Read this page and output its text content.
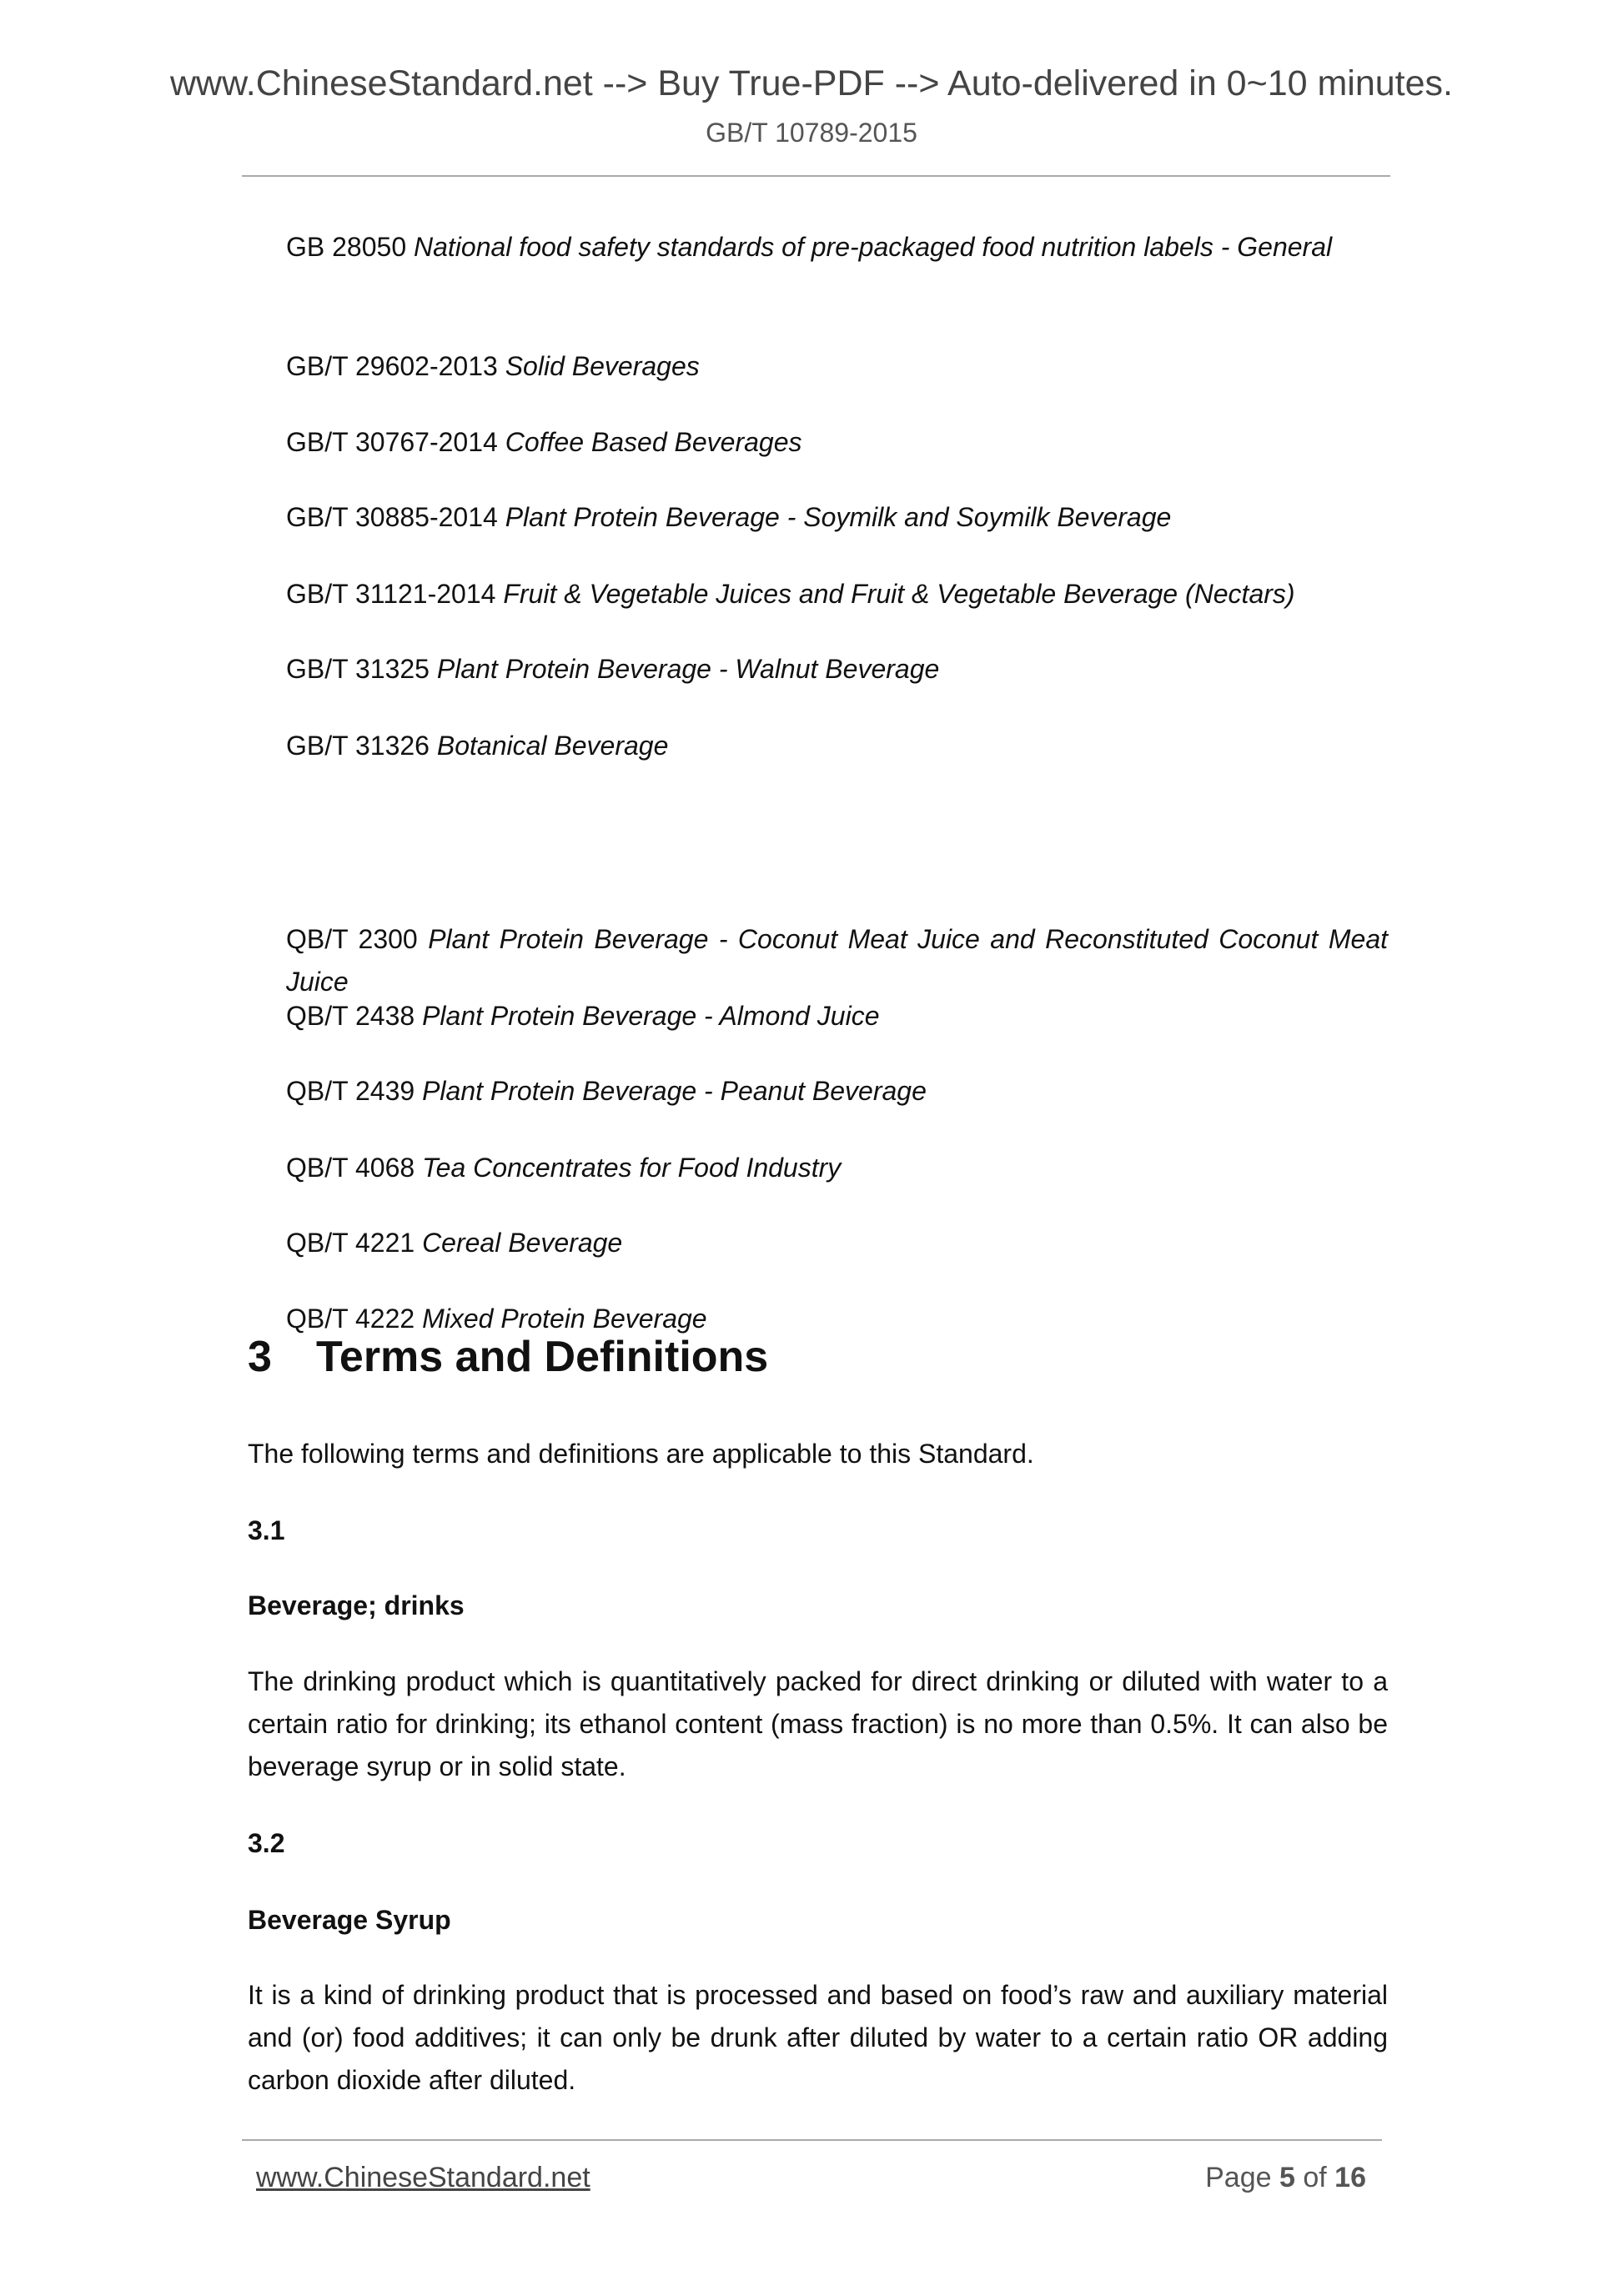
www.ChineseStandard.net --> Buy True-PDF --> Auto-delivered in 0~10 minutes.
GB/T 10789-2015
GB 28050 National food safety standards of pre-packaged food nutrition labels - General
GB/T 29602-2013 Solid Beverages
GB/T 30767-2014 Coffee Based Beverages
GB/T 30885-2014 Plant Protein Beverage - Soymilk and Soymilk Beverage
GB/T 31121-2014 Fruit & Vegetable Juices and Fruit & Vegetable Beverage (Nectars)
GB/T 31325 Plant Protein Beverage - Walnut Beverage
GB/T 31326 Botanical Beverage
QB/T 2300 Plant Protein Beverage - Coconut Meat Juice and Reconstituted Coconut Meat Juice
QB/T 2438 Plant Protein Beverage - Almond Juice
QB/T 2439 Plant Protein Beverage - Peanut Beverage
QB/T 4068 Tea Concentrates for Food Industry
QB/T 4221 Cereal Beverage
QB/T 4222 Mixed Protein Beverage
3 Terms and Definitions
The following terms and definitions are applicable to this Standard.
3.1
Beverage; drinks
The drinking product which is quantitatively packed for direct drinking or diluted with water to a certain ratio for drinking; its ethanol content (mass fraction) is no more than 0.5%. It can also be beverage syrup or in solid state.
3.2
Beverage Syrup
It is a kind of drinking product that is processed and based on food’s raw and auxiliary material and (or) food additives; it can only be drunk after diluted by water to a certain ratio OR adding carbon dioxide after diluted.
www.ChineseStandard.net	Page 5 of 16
